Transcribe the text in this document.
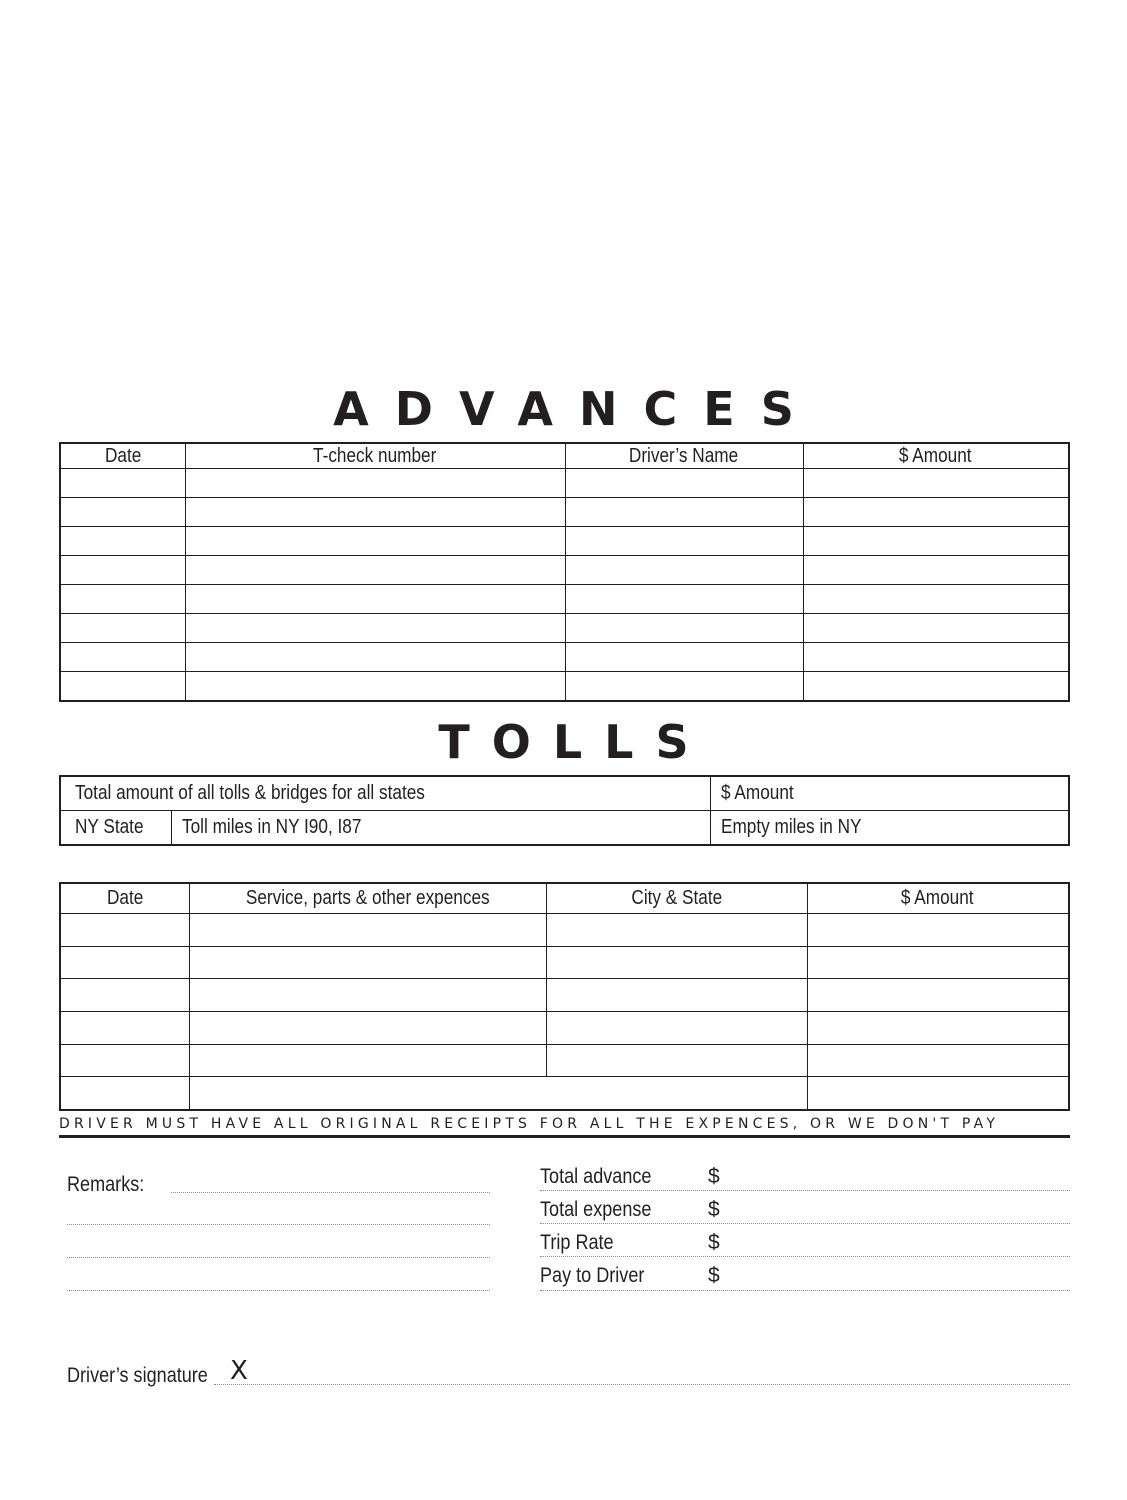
ADVANCES
Date	T-check number	Driver’s Name	$ Amount

TOLLS
Total amount of all tolls & bridges for all states		$ Amount
NY State	Toll miles in NY I90, I87	Empty miles in NY
Date	Service, parts & other expences	City & State	$ Amount

DRIVER MUST HAVE ALL ORIGINAL RECEIPTS FOR ALL THE EXPENCES, OR WE DON'T PAY

Remarks:	Total advance	$
Total expense	$
Trip Rate	$
Pay to Driver	$
Driver’s signature X
